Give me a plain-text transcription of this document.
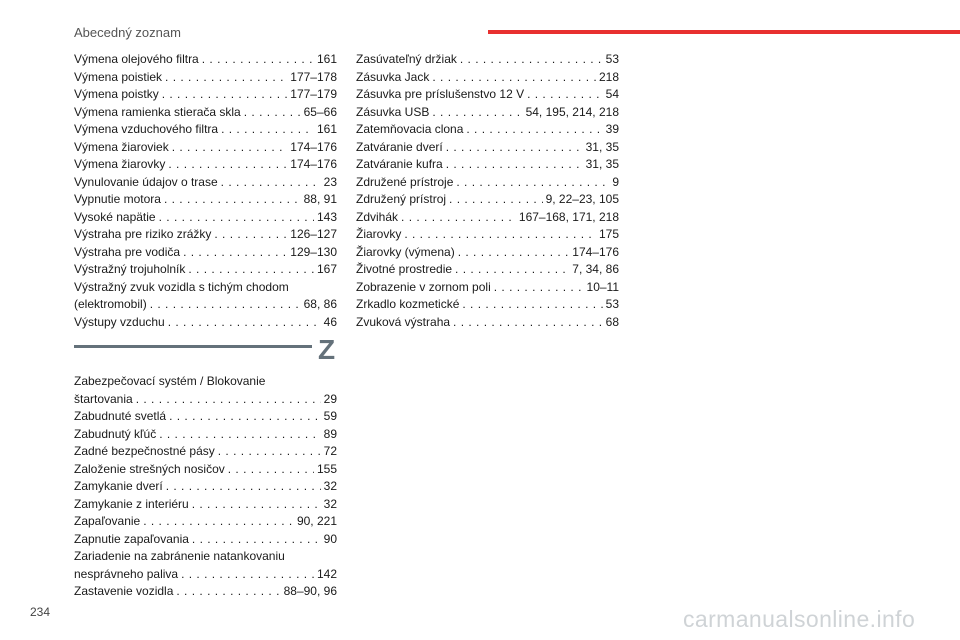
Abecedný zoznam
Výmena olejového filtra . . .	161
Výmena poistiek . . .	177–178
Výmena poistky . . .	177–179
Výmena ramienka stierača skla . . .	65–66
Výmena vzduchového filtra . . .	161
Výmena žiaroviek . . .	174–176
Výmena žiarovky . . .	174–176
Vynulovanie údajov o trase . . .	23
Vypnutie motora . . .	88, 91
Vysoké napätie . . .	143
Výstraha pre riziko zrážky . . .	126–127
Výstraha pre vodiča . . .	129–130
Výstražný trojuholník . . .	167
Výstražný zvuk vozidla s tichým chodom
(elektromobil) . . .	68, 86
Výstupy vzduchu . . .	46
Zasúvateľný držiak . . .	53
Zásuvka Jack . . .	218
Zásuvka pre príslušenstvo 12 V . . .	54
Zásuvka USB . . .	54, 195, 214, 218
Zatemňovacia clona . . .	39
Zatváranie dverí . . .	31, 35
Zatváranie kufra . . .	31, 35
Združené prístroje . . .	9
Združený prístroj . . .	9, 22–23, 105
Zdvihák . . .	167–168, 171, 218
Žiarovky . . .	175
Žiarovky (výmena) . . .	174–176
Životné prostredie . . .	7, 34, 86
Zobrazenie v zornom poli . . .	10–11
Zrkadlo kozmetické . . .	53
Zvuková výstraha . . .	68
Z
Zabezpečovací systém / Blokovanie
štartovania . . .	29
Zabudnuté svetlá . . .	59
Zabudnutý kľúč . . .	89
Zadné bezpečnostné pásy . . .	72
Založenie strešných nosičov . . .	155
Zamykanie dverí . . .	32
Zamykanie z interiéru . . .	32
Zapaľovanie . . .	90, 221
Zapnutie zapaľovania . . .	90
Zariadenie na zabránenie natankovaniu
nesprávneho paliva . . .	142
Zastavenie vozidla . . .	88–90, 96
234	carmanualsonline.info
